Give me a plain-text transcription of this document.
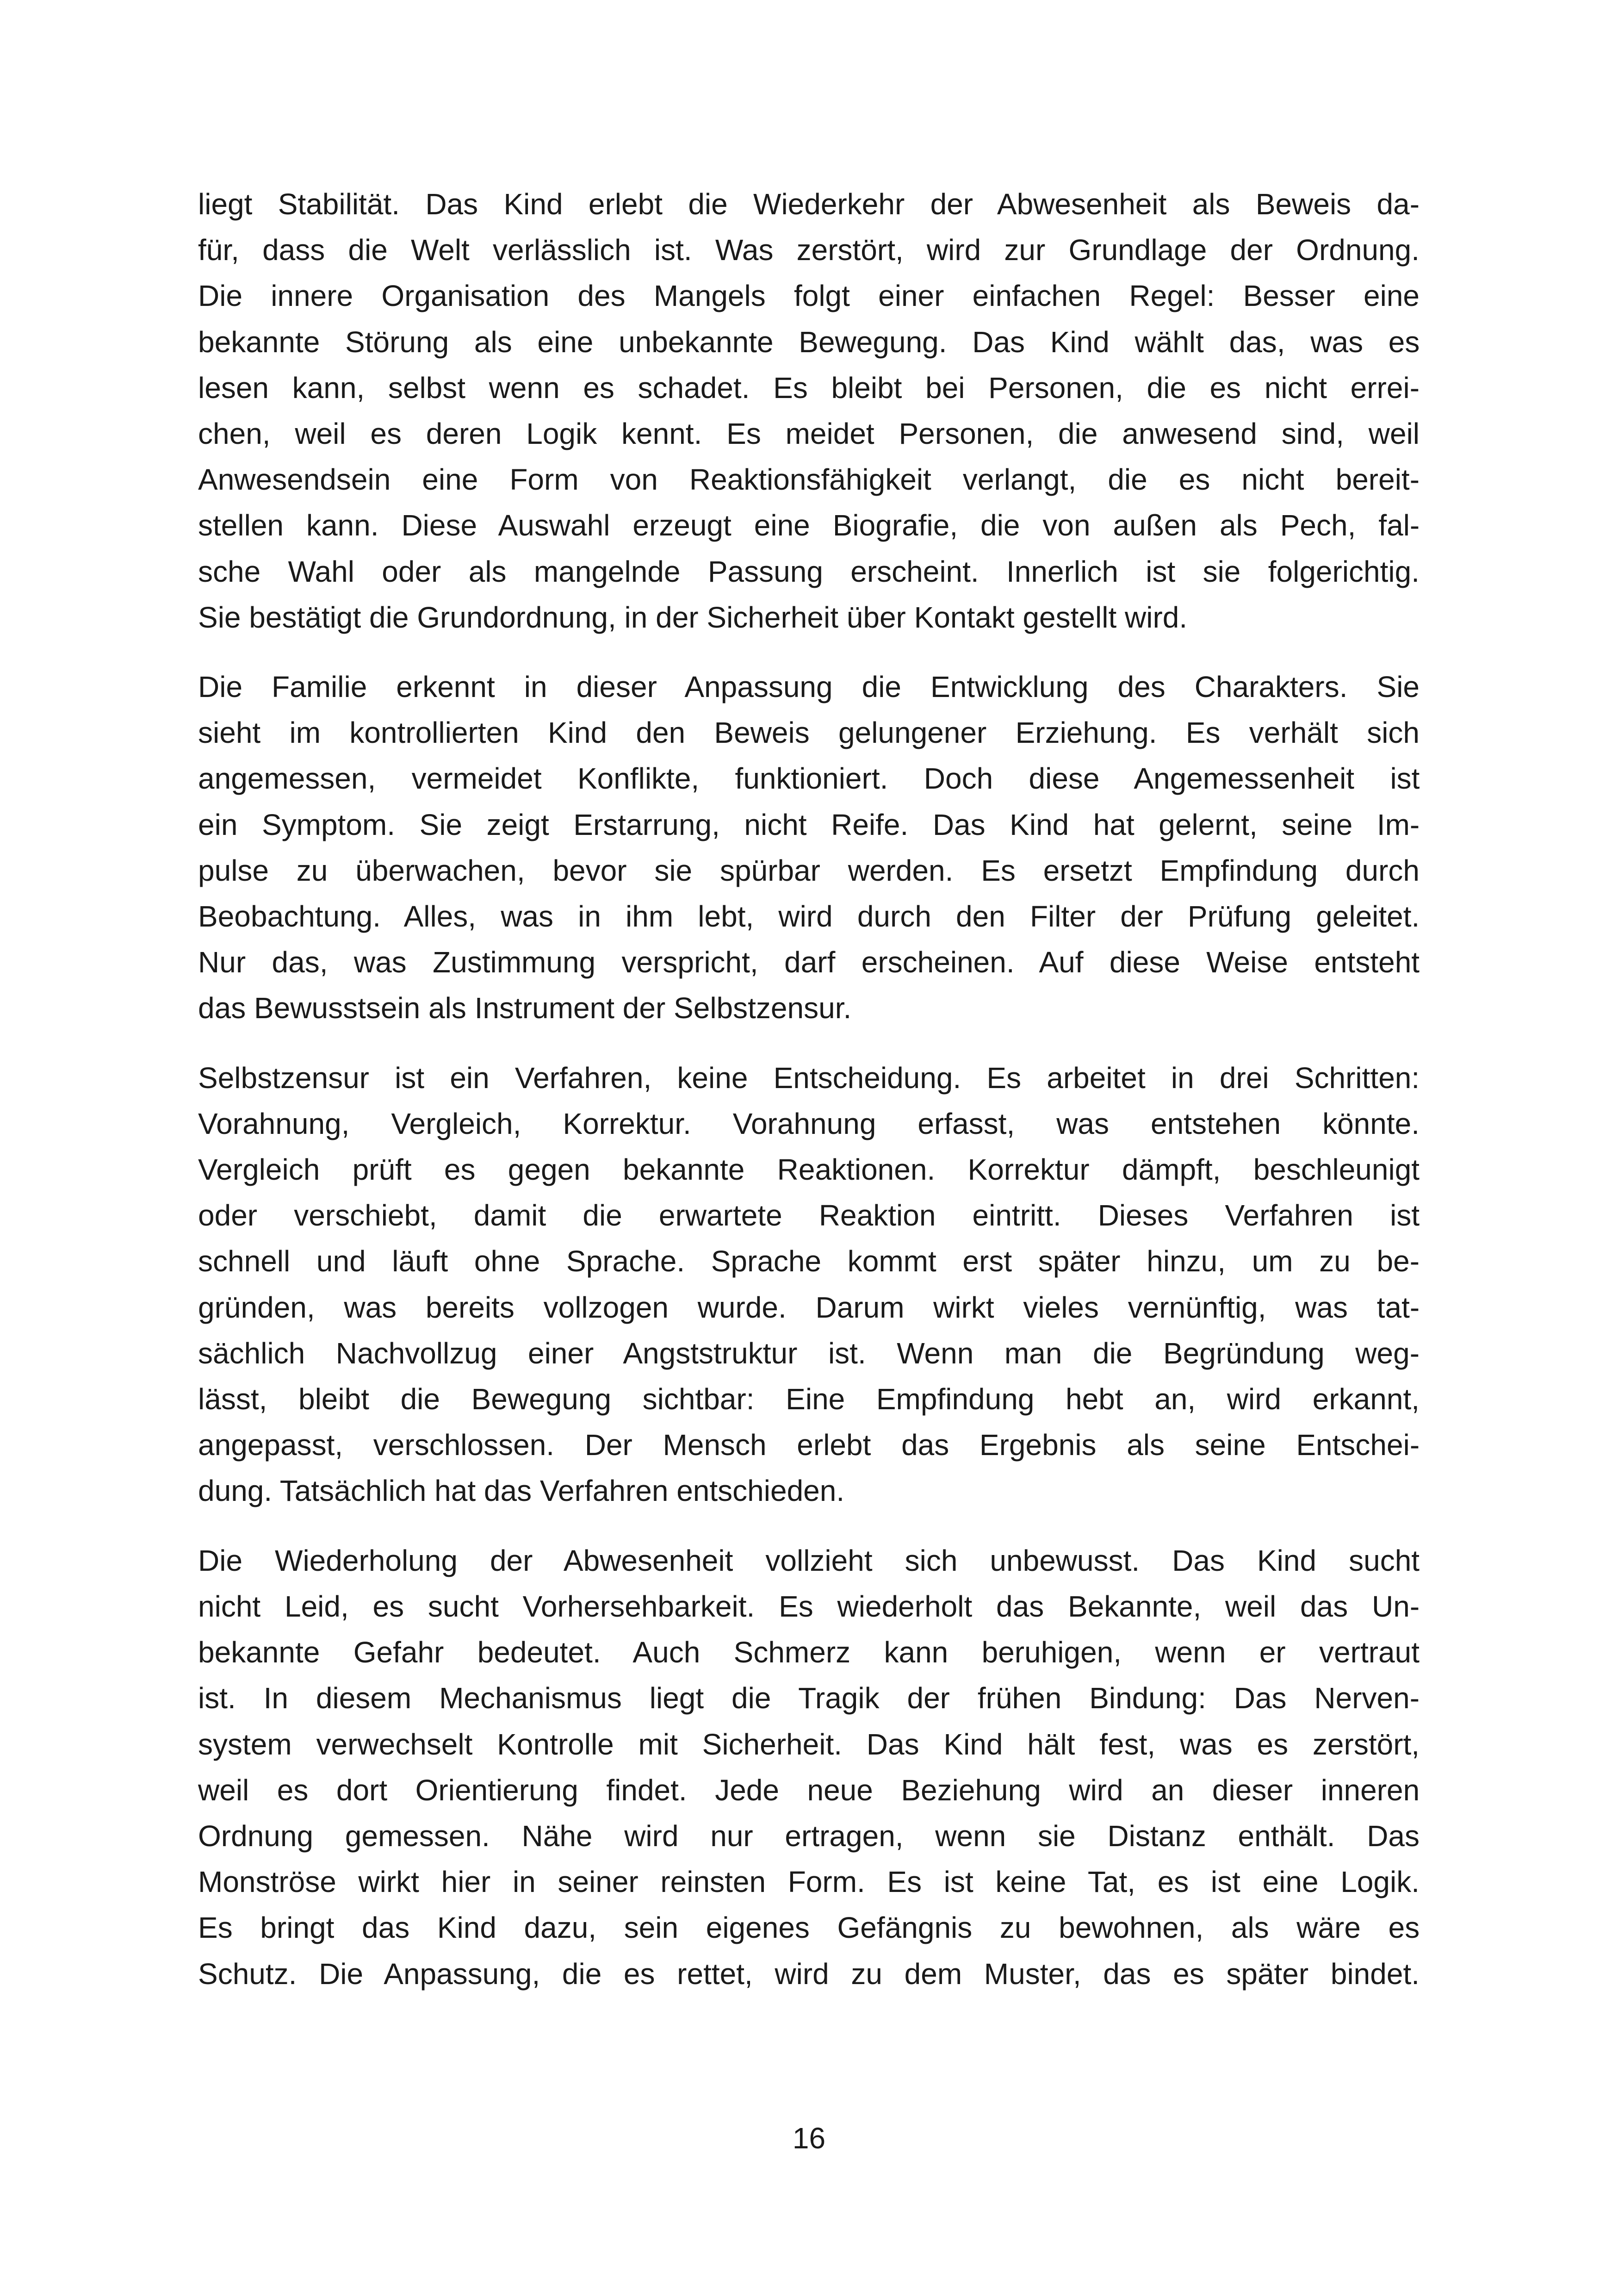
liegt Stabilität. Das Kind erlebt die Wiederkehr der Abwesenheit als Beweis da-
für, dass die Welt verlässlich ist. Was zerstört, wird zur Grundlage der Ordnung.
Die innere Organisation des Mangels folgt einer einfachen Regel: Besser eine
bekannte Störung als eine unbekannte Bewegung. Das Kind wählt das, was es
lesen kann, selbst wenn es schadet. Es bleibt bei Personen, die es nicht errei-
chen, weil es deren Logik kennt. Es meidet Personen, die anwesend sind, weil
Anwesendsein eine Form von Reaktionsfähigkeit verlangt, die es nicht bereit-
stellen kann. Diese Auswahl erzeugt eine Biografie, die von außen als Pech, fal-
sche Wahl oder als mangelnde Passung erscheint. Innerlich ist sie folgerichtig.
Sie bestätigt die Grundordnung, in der Sicherheit über Kontakt gestellt wird.

Die Familie erkennt in dieser Anpassung die Entwicklung des Charakters. Sie
sieht im kontrollierten Kind den Beweis gelungener Erziehung. Es verhält sich
angemessen, vermeidet Konflikte, funktioniert. Doch diese Angemessenheit ist
ein Symptom. Sie zeigt Erstarrung, nicht Reife. Das Kind hat gelernt, seine Im-
pulse zu überwachen, bevor sie spürbar werden. Es ersetzt Empfindung durch
Beobachtung. Alles, was in ihm lebt, wird durch den Filter der Prüfung geleitet.
Nur das, was Zustimmung verspricht, darf erscheinen. Auf diese Weise entsteht
das Bewusstsein als Instrument der Selbstzensur.

Selbstzensur ist ein Verfahren, keine Entscheidung. Es arbeitet in drei Schritten:
Vorahnung, Vergleich, Korrektur. Vorahnung erfasst, was entstehen könnte.
Vergleich prüft es gegen bekannte Reaktionen. Korrektur dämpft, beschleunigt
oder verschiebt, damit die erwartete Reaktion eintritt. Dieses Verfahren ist
schnell und läuft ohne Sprache. Sprache kommt erst später hinzu, um zu be-
gründen, was bereits vollzogen wurde. Darum wirkt vieles vernünftig, was tat-
sächlich Nachvollzug einer Angststruktur ist. Wenn man die Begründung weg-
lässt, bleibt die Bewegung sichtbar: Eine Empfindung hebt an, wird erkannt,
angepasst, verschlossen. Der Mensch erlebt das Ergebnis als seine Entschei-
dung. Tatsächlich hat das Verfahren entschieden.

Die Wiederholung der Abwesenheit vollzieht sich unbewusst. Das Kind sucht
nicht Leid, es sucht Vorhersehbarkeit. Es wiederholt das Bekannte, weil das Un-
bekannte Gefahr bedeutet. Auch Schmerz kann beruhigen, wenn er vertraut
ist. In diesem Mechanismus liegt die Tragik der frühen Bindung: Das Nerven-
system verwechselt Kontrolle mit Sicherheit. Das Kind hält fest, was es zerstört,
weil es dort Orientierung findet. Jede neue Beziehung wird an dieser inneren
Ordnung gemessen. Nähe wird nur ertragen, wenn sie Distanz enthält. Das
Monströse wirkt hier in seiner reinsten Form. Es ist keine Tat, es ist eine Logik.
Es bringt das Kind dazu, sein eigenes Gefängnis zu bewohnen, als wäre es
Schutz. Die Anpassung, die es rettet, wird zu dem Muster, das es später bindet.

16
